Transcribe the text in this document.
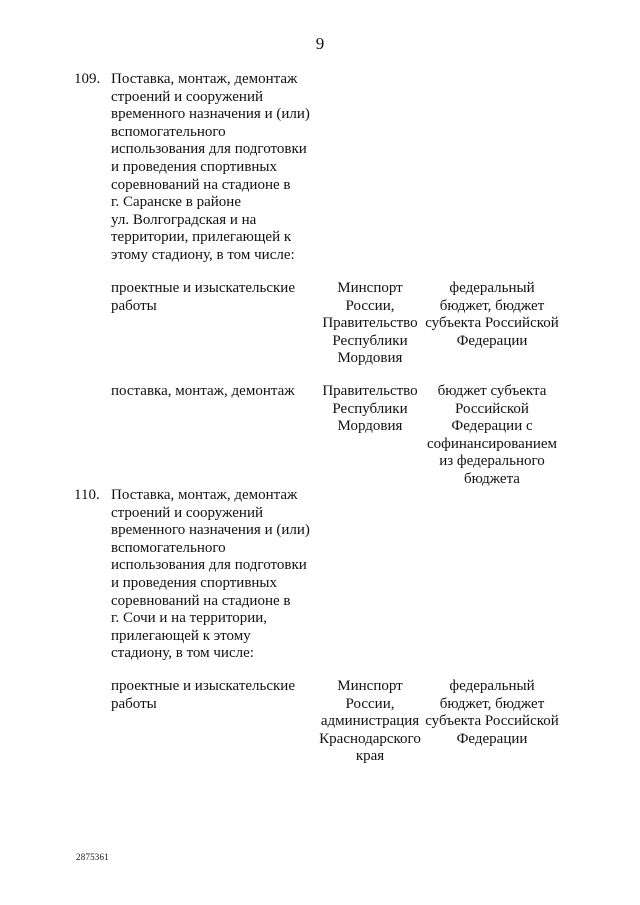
9
109. Поставка, монтаж, демонтаж
строений и сооружений
временного назначения и (или)
вспомогательного
использования для подготовки
и проведения спортивных
соревнований на стадионе в
г. Саранске в районе
ул. Волгоградская и на
территории, прилегающей к
этому стадиону, в том числе:
проектные и изыскательские
работы
Минспорт
России,
Правительство
Республики
Мордовия
федеральный
бюджет, бюджет
субъекта Российской
Федерации
поставка, монтаж, демонтаж	Правительство
Республики
Мордовия
бюджет субъекта
Российской
Федерации с
софинансированием
из федерального
бюджета
110. Поставка, монтаж, демонтаж
строений и сооружений
временного назначения и (или)
вспомогательного
использования для подготовки
и проведения спортивных
соревнований на стадионе в
г. Сочи и на территории,
прилегающей к этому
стадиону, в том числе:
проектные и изыскательские
работы
Минспорт
России,
администрация
Краснодарского
края
федеральный
бюджет, бюджет
субъекта Российской
Федерации
2875361
